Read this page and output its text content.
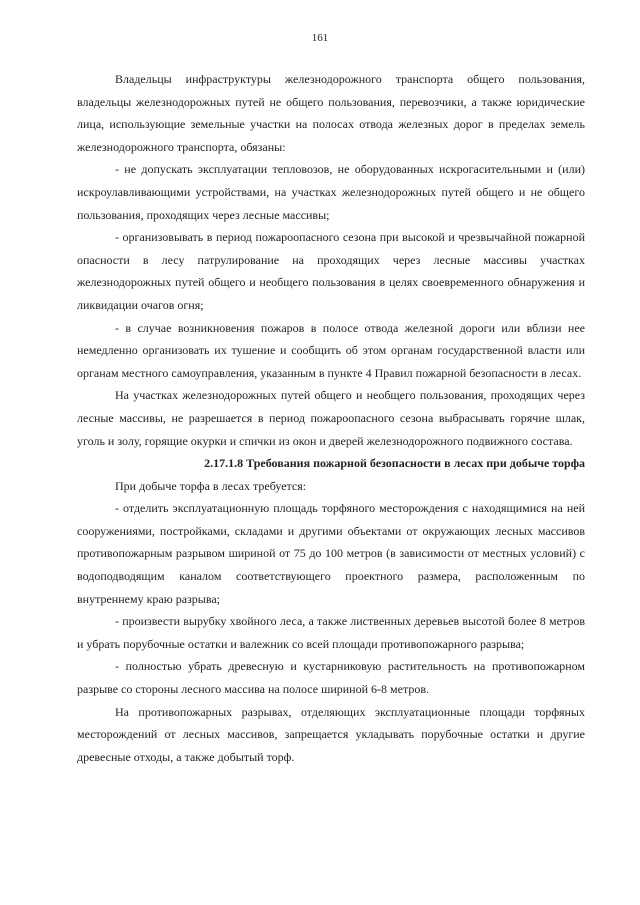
161

Владельцы инфраструктуры железнодорожного транспорта общего пользования, владельцы железнодорожных путей не общего пользования, перевозчики, а также юридические лица, использующие земельные участки на полосах отвода железных дорог в пределах земель железнодорожного транспорта, обязаны:

- не допускать эксплуатации тепловозов, не оборудованных искрогасительными и (или) искроулавливающими устройствами, на участках железнодорожных путей общего и не общего пользования, проходящих через лесные массивы;

- организовывать в период пожароопасного сезона при высокой и чрезвычайной пожарной опасности в лесу патрулирование на проходящих через лесные массивы участках железнодорожных путей общего и необщего пользования в целях своевременного обнаружения и ликвидации очагов огня;

- в случае возникновения пожаров в полосе отвода железной дороги или вблизи нее немедленно организовать их тушение и сообщить об этом органам государственной власти или органам местного самоуправления, указанным в пункте 4 Правил пожарной безопасности в лесах.

На участках железнодорожных путей общего и необщего пользования, проходящих через лесные массивы, не разрешается в период пожароопасного сезона выбрасывать горячие шлак, уголь и золу, горящие окурки и спички из окон и дверей железнодорожного подвижного состава.

2.17.1.8 Требования пожарной безопасности в лесах при добыче торфа

При добыче торфа в лесах требуется:

- отделить эксплуатационную площадь торфяного месторождения с находящимися на ней сооружениями, постройками, складами и другими объектами от окружающих лесных массивов противопожарным разрывом шириной от 75 до 100 метров (в зависимости от местных условий) с водоподводящим каналом соответствующего проектного размера, расположенным по внутреннему краю разрыва;

- произвести вырубку хвойного леса, а также лиственных деревьев высотой более 8 метров и убрать порубочные остатки и валежник со всей площади противопожарного разрыва;

- полностью убрать древесную и кустарниковую растительность на противопожарном разрыве со стороны лесного массива на полосе шириной 6-8 метров.

На противопожарных разрывах, отделяющих эксплуатационные площади торфяных месторождений от лесных массивов, запрещается укладывать порубочные остатки и другие древесные отходы, а также добытый торф.
